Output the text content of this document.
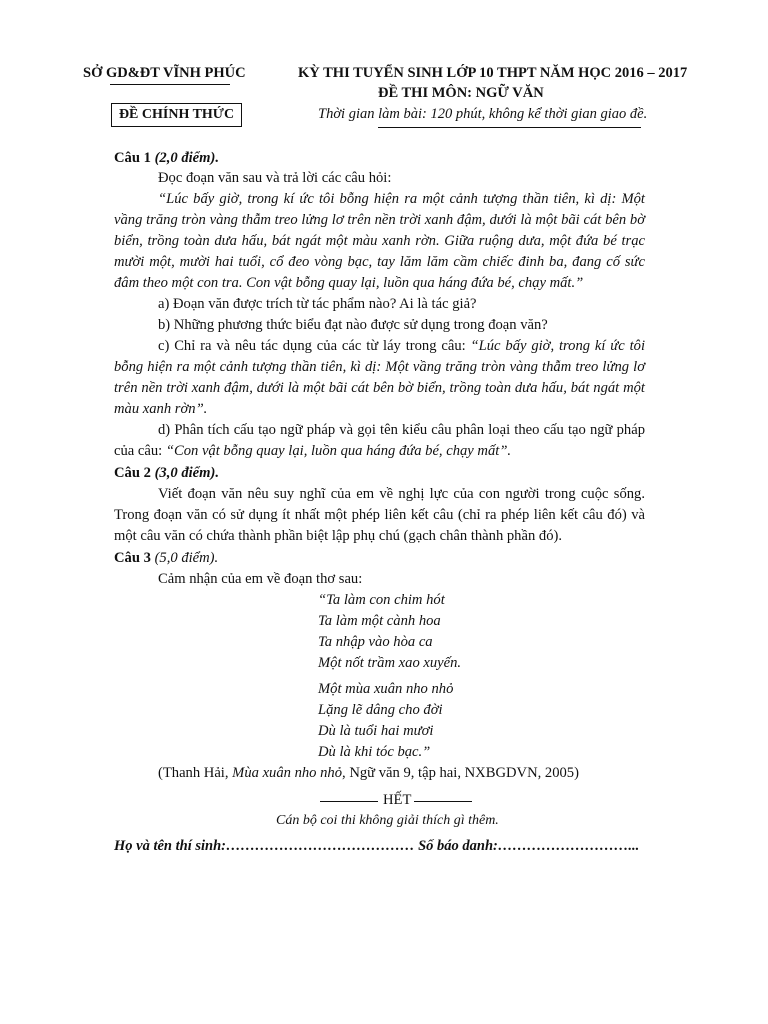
SỞ GD&ĐT VĨNH PHÚC
ĐỀ CHÍNH THỨC
KỲ THI TUYỂN SINH LỚP 10 THPT NĂM HỌC 2016 – 2017
ĐỀ THI MÔN: NGỮ VĂN
Thời gian làm bài: 120 phút, không kể thời gian giao đề.
Câu 1 (2,0 điểm).
Đọc đoạn văn sau và trả lời các câu hỏi:
“Lúc bấy giờ, trong kí ức tôi bỗng hiện ra một cảnh tượng thần tiên, kì dị: Một
vầng trăng tròn vàng thẫm treo lửng lơ trên nền trời xanh đậm, dưới là một bãi cát bên bờ
biển, trồng toàn dưa hấu, bát ngát một màu xanh rờn. Giữa ruộng dưa, một đứa bé trạc
mười một, mười hai tuổi, cổ đeo vòng bạc, tay lăm lăm cầm chiếc đinh ba, đang cố sức
đâm theo một con tra. Con vật bỗng quay lại, luồn qua háng đứa bé, chạy mất.”
a) Đoạn văn được trích từ tác phẩm nào? Ai là tác giả?
b) Những phương thức biểu đạt nào được sử dụng trong đoạn văn?
c) Chỉ ra và nêu tác dụng của các từ láy trong câu: “Lúc bấy giờ, trong kí ức tôi
bỗng hiện ra một cảnh tượng thần tiên, kì dị: Một vầng trăng tròn vàng thẫm treo lửng lơ
trên nền trời xanh đậm, dưới là một bãi cát bên bờ biển, trồng toàn dưa hấu, bát ngát một
màu xanh rờn”.
d) Phân tích cấu tạo ngữ pháp và gọi tên kiểu câu phân loại theo cấu tạo ngữ pháp
của câu: “Con vật bỗng quay lại, luồn qua háng đứa bé, chạy mất”.
Câu 2 (3,0 điểm).
Viết đoạn văn nêu suy nghĩ của em về nghị lực của con người trong cuộc sống.
Trong đoạn văn có sử dụng ít nhất một phép liên kết câu (chỉ ra phép liên kết câu đó) và
một câu văn có chứa thành phần biệt lập phụ chú (gạch chân thành phần đó).
Câu 3 (5,0 điểm).
Cảm nhận của em về đoạn thơ sau:
“Ta làm con chim hót
Ta làm một cành hoa
Ta nhập vào hòa ca
Một nốt trầm xao xuyến.
Một mùa xuân nho nhỏ
Lặng lẽ dâng cho đời
Dù là tuổi hai mươi
Dù là khi tóc bạc.”
(Thanh Hải, Mùa xuân nho nhỏ, Ngữ văn 9, tập hai, NXBGDVN, 2005)
HẾT
Cán bộ coi thi không giải thích gì thêm.
Họ và tên thí sinh:………………………………… Số báo danh:………………………...
